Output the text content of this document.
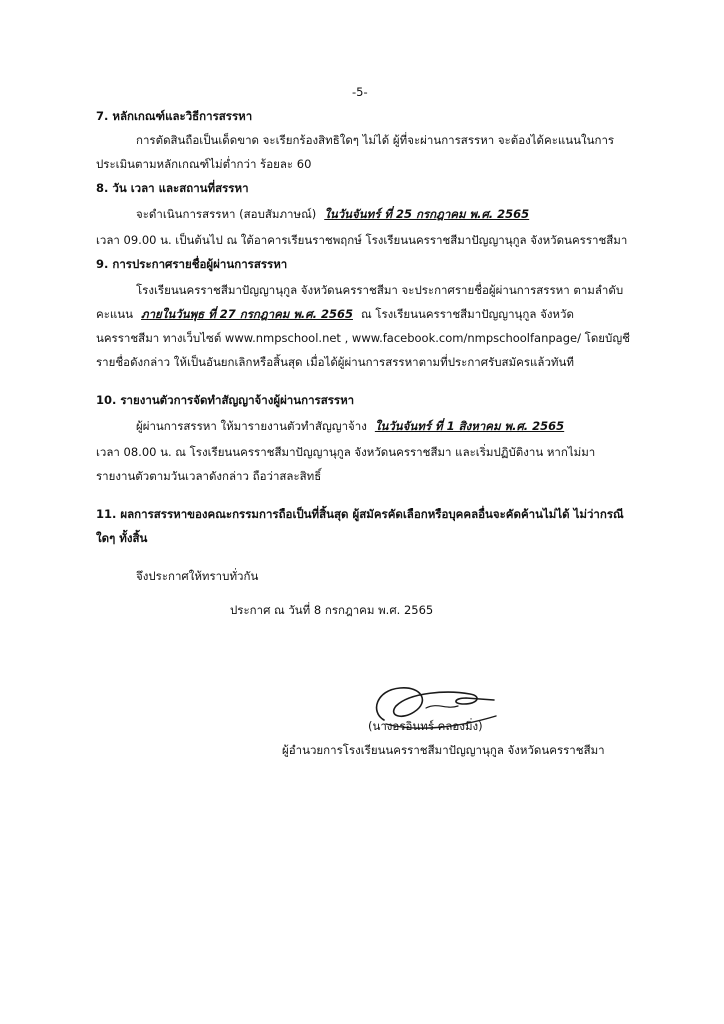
-5-
7. หลักเกณฑ์และวิธีการสรรหา
การตัดสินถือเป็นเด็ดขาด จะเรียกร้องสิทธิใดๆ ไม่ได้ ผู้ที่จะผ่านการสรรหา จะต้องได้คะแนนในการ
ประเมินตามหลักเกณฑ์ไม่ต่ำกว่า ร้อยละ 60
8. วัน เวลา และสถานที่สรรหา
จะดำเนินการสรรหา (สอบสัมภาษณ์) ในวันจันทร์ ที่ 25 กรกฎาคม พ.ศ. 2565
เวลา 09.00 น. เป็นต้นไป ณ ใต้อาคารเรียนราชพฤกษ์ โรงเรียนนครราชสีมาปัญญานุกูล จังหวัดนครราชสีมา
9. การประกาศรายชื่อผู้ผ่านการสรรหา
โรงเรียนนครราชสีมาปัญญานุกูล จังหวัดนครราชสีมา จะประกาศรายชื่อผู้ผ่านการสรรหา ตามลำดับ
คะแนน ภายในวันพุธ ที่ 27 กรกฎาคม พ.ศ. 2565 ณ โรงเรียนนครราชสีมาปัญญานุกูล จังหวัด
นครราชสีมา ทางเว็บไซต์ www.nmpschool.net , www.facebook.com/nmpschoolfanpage/ โดยบัญชี
รายชื่อดังกล่าว ให้เป็นอันยกเลิกหรือสิ้นสุด เมื่อได้ผู้ผ่านการสรรหาตามที่ประกาศรับสมัครแล้วทันที
10. รายงานตัวการจัดทำสัญญาจ้างผู้ผ่านการสรรหา
ผู้ผ่านการสรรหา ให้มารายงานตัวทำสัญญาจ้าง ในวันจันทร์ ที่ 1 สิงหาคม พ.ศ. 2565
เวลา 08.00 น. ณ โรงเรียนนครราชสีมาปัญญานุกูล จังหวัดนครราชสีมา และเริ่มปฏิบัติงาน หากไม่มา
รายงานตัวตามวันเวลาดังกล่าว ถือว่าสละสิทธิ์
11. ผลการสรรหาของคณะกรรมการถือเป็นที่สิ้นสุด ผู้สมัครคัดเลือกหรือบุคคลอื่นจะคัดค้านไม่ได้ ไม่ว่ากรณี
ใดๆ ทั้งสิ้น
จึงประกาศให้ทราบทั่วกัน
ประกาศ ณ วันที่ 8 กรกฎาคม พ.ศ. 2565
(นางอรอินทร์ คลองมิ่ง)
ผู้อำนวยการโรงเรียนนครราชสีมาปัญญานุกูล จังหวัดนครราชสีมา
